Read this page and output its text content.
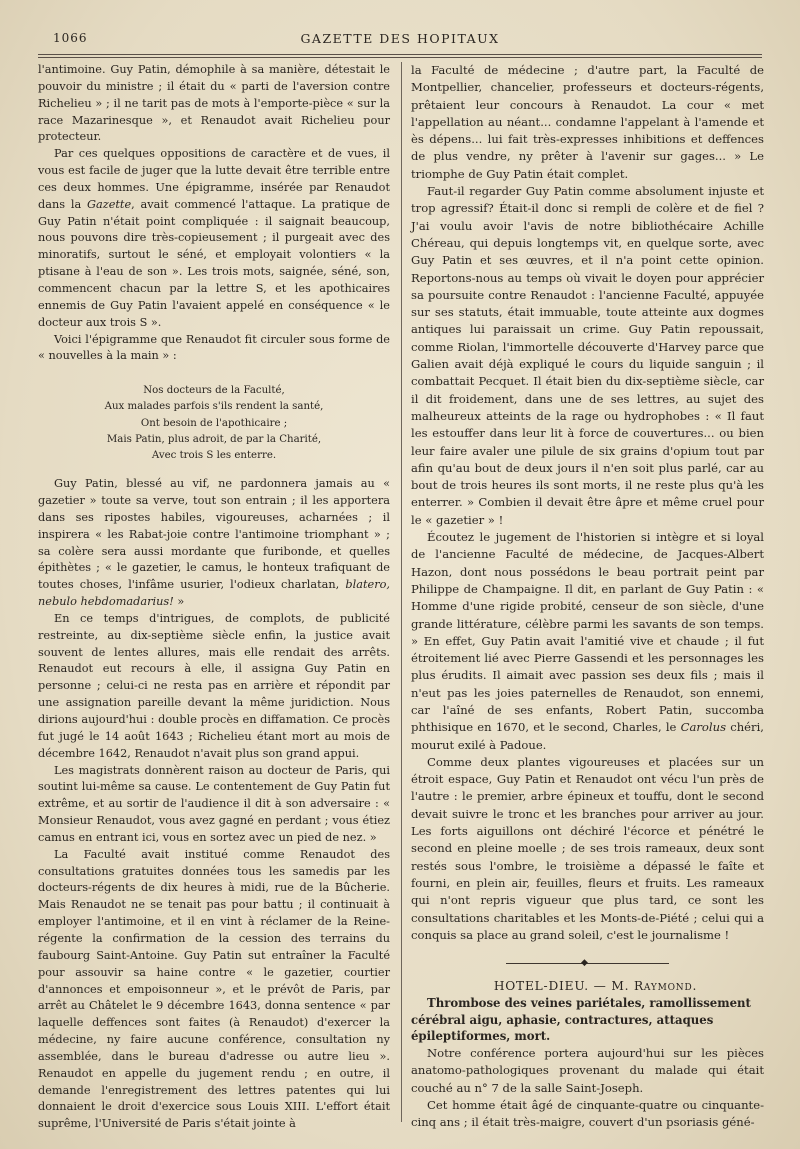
1066	GAZETTE DES HOPITAUX

l'antimoine. Guy Patin, démophile à sa manière, détestait le pouvoir du ministre ; il était du « parti de l'aversion contre Richelieu » ; il ne tarit pas de mots à l'emporte-pièce « sur la race Mazarinesque », et Renaudot avait Richelieu pour protecteur.

Par ces quelques oppositions de caractère et de vues, il vous est facile de juger que la lutte devait être terrible entre ces deux hommes. Une épigramme, insérée par Renaudot dans la Gazette, avait commencé l'attaque. La pratique de Guy Patin n'était point compliquée : il saignait beaucoup, nous pouvons dire très-copieusement ; il purgeait avec des minoratifs, surtout le séné, et employait volontiers « la ptisane à l'eau de son ». Les trois mots, saignée, séné, son, commencent chacun par la lettre S, et les apothicaires ennemis de Guy Patin l'avaient appelé en conséquence « le docteur aux trois S ».

Voici l'épigramme que Renaudot fit circuler sous forme de « nouvelles à la main » :

Nos docteurs de la Faculté,
Aux malades parfois s'ils rendent la santé,
Ont besoin de l'apothicaire ;
Mais Patin, plus adroit, de par la Charité,
Avec trois S les enterre.

Guy Patin, blessé au vif, ne pardonnera jamais au « gazetier » toute sa verve, tout son entrain ; il les apportera dans ses ripostes habiles, vigoureuses, acharnées ; il inspirera « les Rabat-joie contre l'antimoine triomphant » ; sa colère sera aussi mordante que furibonde, et quelles épithètes ; « le gazetier, le camus, le honteux trafiquant de toutes choses, l'infâme usurier, l'odieux charlatan, blatero, nebulo hebdomadarius! »

En ce temps d'intrigues, de complots, de publicité restreinte, au dix-septième siècle enfin, la justice avait souvent de lentes allures, mais elle rendait des arrêts. Renaudot eut recours à elle, il assigna Guy Patin en personne ; celui-ci ne resta pas en arrière et répondit par une assignation pareille devant la même juridiction. Nous dirions aujourd'hui : double procès en diffamation. Ce procès fut jugé le 14 août 1643 ; Richelieu étant mort au mois de décembre 1642, Renaudot n'avait plus son grand appui.

Les magistrats donnèrent raison au docteur de Paris, qui soutint lui-même sa cause. Le contentement de Guy Patin fut extrême, et au sortir de l'audience il dit à son adversaire : « Monsieur Renaudot, vous avez gagné en perdant ; vous étiez camus en entrant ici, vous en sortez avec un pied de nez. »

La Faculté avait institué comme Renaudot des consultations gratuites données tous les samedis par les docteurs-régents de dix heures à midi, rue de la Bûcherie. Mais Renaudot ne se tenait pas pour battu ; il continuait à employer l'antimoine, et il en vint à réclamer de la Reine-régente la confirmation de la cession des terrains du faubourg Saint-Antoine. Guy Patin sut entraîner la Faculté pour assouvir sa haine contre « le gazetier, courtier d'annonces et empoisonneur », et le prévôt de Paris, par arrêt au Châtelet le 9 décembre 1643, donna sentence « par laquelle deffences sont faites (à Renaudot) d'exercer la médecine, ny faire aucune conférence, consultation ny assemblée, dans le bureau d'adresse ou autre lieu ». Renaudot en appelle du jugement rendu ; en outre, il demande l'enregistrement des lettres patentes qui lui donnaient le droit d'exercice sous Louis XIII. L'effort était suprême, l'Université de Paris s'était jointe à

la Faculté de médecine ; d'autre part, la Faculté de Montpellier, chancelier, professeurs et docteurs-régents, prêtaient leur concours à Renaudot. La cour « met l'appellation au néant... condamne l'appelant à l'amende et ès dépens... lui fait très-expresses inhibitions et deffences de plus vendre, ny prêter à l'avenir sur gages... » Le triomphe de Guy Patin était complet.

Faut-il regarder Guy Patin comme absolument injuste et trop agressif? Était-il donc si rempli de colère et de fiel ? J'ai voulu avoir l'avis de notre bibliothécaire Achille Chéreau, qui depuis longtemps vit, en quelque sorte, avec Guy Patin et ses œuvres, et il n'a point cette opinion. Reportons-nous au temps où vivait le doyen pour apprécier sa poursuite contre Renaudot : l'ancienne Faculté, appuyée sur ses statuts, était immuable, toute atteinte aux dogmes antiques lui paraissait un crime. Guy Patin repoussait, comme Riolan, l'immortelle découverte d'Harvey parce que Galien avait déjà expliqué le cours du liquide sanguin ; il combattait Pecquet. Il était bien du dix-septième siècle, car il dit froidement, dans une de ses lettres, au sujet des malheureux atteints de la rage ou hydrophobes : « Il faut les estouffer dans leur lit à force de couvertures... ou bien leur faire avaler une pilule de six grains d'opium tout par afin qu'au bout de deux jours il n'en soit plus parlé, car au bout de trois heures ils sont morts, il ne reste plus qu'à les enterrer. » Combien il devait être âpre et même cruel pour le « gazetier » !

Écoutez le jugement de l'historien si intègre et si loyal de l'ancienne Faculté de médecine, de Jacques-Albert Hazon, dont nous possédons le beau portrait peint par Philippe de Champaigne. Il dit, en parlant de Guy Patin : « Homme d'une rigide probité, censeur de son siècle, d'une grande littérature, célèbre parmi les savants de son temps. » En effet, Guy Patin avait l'amitié vive et chaude ; il fut étroitement lié avec Pierre Gassendi et les personnages les plus érudits. Il aimait avec passion ses deux fils ; mais il n'eut pas les joies paternelles de Renaudot, son ennemi, car l'aîné de ses enfants, Robert Patin, succomba phthisique en 1670, et le second, Charles, le Carolus chéri, mourut exilé à Padoue.

Comme deux plantes vigoureuses et placées sur un étroit espace, Guy Patin et Renaudot ont vécu l'un près de l'autre : le premier, arbre épineux et touffu, dont le second devait suivre le tronc et les branches pour arriver au jour. Les forts aiguillons ont déchiré l'écorce et pénétré le second en pleine moelle ; de ses trois rameaux, deux sont restés sous l'ombre, le troisième a dépassé le faîte et fourni, en plein air, feuilles, fleurs et fruits. Les rameaux qui n'ont repris vigueur que plus tard, ce sont les consultations charitables et les Monts-de-Piété ; celui qui a conquis sa place au grand soleil, c'est le journalisme !

◆

HOTEL-DIEU. — M. Raymond.

Thrombose des veines pariétales, ramollissement cérébral aigu, aphasie, contractures, attaques épileptiformes, mort.

Notre conférence portera aujourd'hui sur les pièces anatomo-pathologiques provenant du malade qui était couché au n° 7 de la salle Saint-Joseph.

Cet homme était âgé de cinquante-quatre ou cinquante-cinq ans ; il était très-maigre, couvert d'un psoriasis géné-
